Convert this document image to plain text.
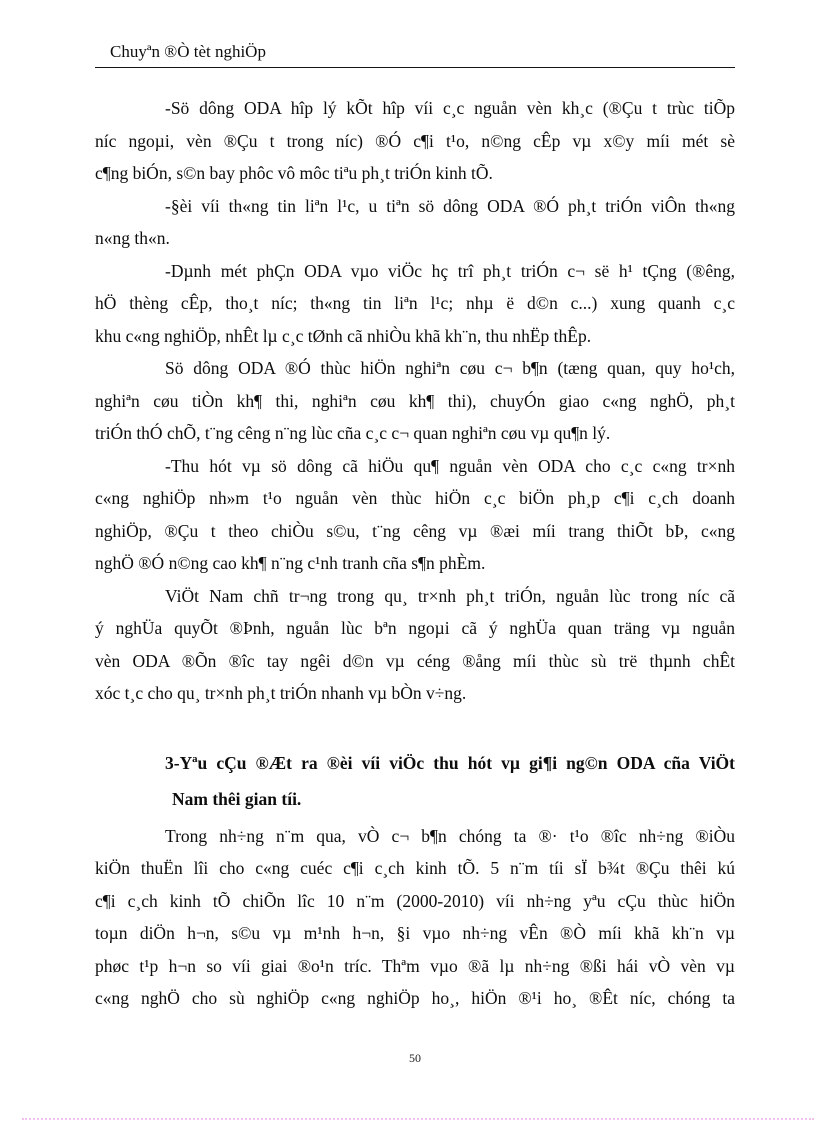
Chuyªn ®Ò tèt nghiÖp
-Sö dông ODA hîp lý kÕt hîp víi c¸c nguån vèn kh¸c (®Çu t trùc tiÕp
níc ngoµi, vèn ®Çu t trong níc) ®Ó c¶i t¹o, n©ng cÊp vµ x©y míi mét sè
c¶ng biÓn, s©n bay phôc vô môc tiªu ph¸t triÓn kinh tÕ.
-§èi víi th«ng tin liªn l¹c, u tiªn sö dông ODA ®Ó ph¸t triÓn viÔn th«ng
n«ng th«n.
-Dµnh mét phÇn ODA vµo viÖc hç trî ph¸t triÓn c¬ së h¹ tÇng (®êng,
hÖ thèng cÊp, tho¸t níc; th«ng tin liªn l¹c; nhµ ë d©n c...) xung quanh c¸c
khu c«ng nghiÖp, nhÊt lµ c¸c tØnh cã nhiÒu khã kh¨n, thu nhËp thÊp.
Sö dông ODA ®Ó thùc hiÖn nghiªn cøu c¬ b¶n (tæng quan, quy ho¹ch,
nghiªn cøu tiÒn kh¶ thi, nghiªn cøu kh¶ thi), chuyÓn giao c«ng nghÖ, ph¸t
triÓn thÓ chÕ, t¨ng cêng n¨ng lùc cña c¸c c¬ quan nghiªn cøu vµ qu¶n lý.
-Thu hót vµ sö dông cã hiÖu qu¶ nguån vèn ODA cho c¸c c«ng tr×nh
c«ng nghiÖp nh»m t¹o nguån vèn thùc hiÖn c¸c biÖn ph¸p c¶i c¸ch doanh
nghiÖp, ®Çu t theo chiÒu s©u, t¨ng cêng vµ ®æi míi trang thiÕt bÞ, c«ng
nghÖ ®Ó n©ng cao kh¶ n¨ng c¹nh tranh cña s¶n phÈm.
ViÖt Nam chñ tr¬ng trong qu¸ tr×nh ph¸t triÓn, nguån lùc trong níc cã
ý nghÜa quyÕt ®Þnh, nguån lùc bªn ngoµi cã ý nghÜa quan träng vµ nguån
vèn ODA ®Õn ®îc tay ngêi d©n vµ céng ®ång míi thùc sù trë thµnh chÊt
xóc t¸c cho qu¸ tr×nh ph¸t triÓn nhanh vµ bÒn v÷ng.
3-Yªu cÇu ®Æt ra ®èi víi viÖc thu hót vµ gi¶i ng©n ODA cña ViÖt
Nam thêi gian tíi.
Trong nh÷ng n¨m qua, vÒ c¬ b¶n chóng ta ®· t¹o ®îc nh÷ng ®iÒu
kiÖn thuËn lîi cho c«ng cuéc c¶i c¸ch kinh tÕ. 5 n¨m tíi sÏ b¾t ®Çu thêi kú
c¶i c¸ch kinh tÕ chiÕn lîc 10 n¨m (2000-2010) víi nh÷ng yªu cÇu thùc hiÖn
toµn diÖn h¬n, s©u vµ m¹nh h¬n, §i vµo nh÷ng vÊn ®Ò míi khã kh¨n vµ
phøc t¹p h¬n so víi giai ®o¹n tríc. Thªm vµo ®ã lµ nh÷ng ®ßi hái vÒ vèn vµ
c«ng nghÖ cho sù nghiÖp c«ng nghiÖp ho¸, hiÖn ®¹i ho¸ ®Êt níc, chóng ta
50
